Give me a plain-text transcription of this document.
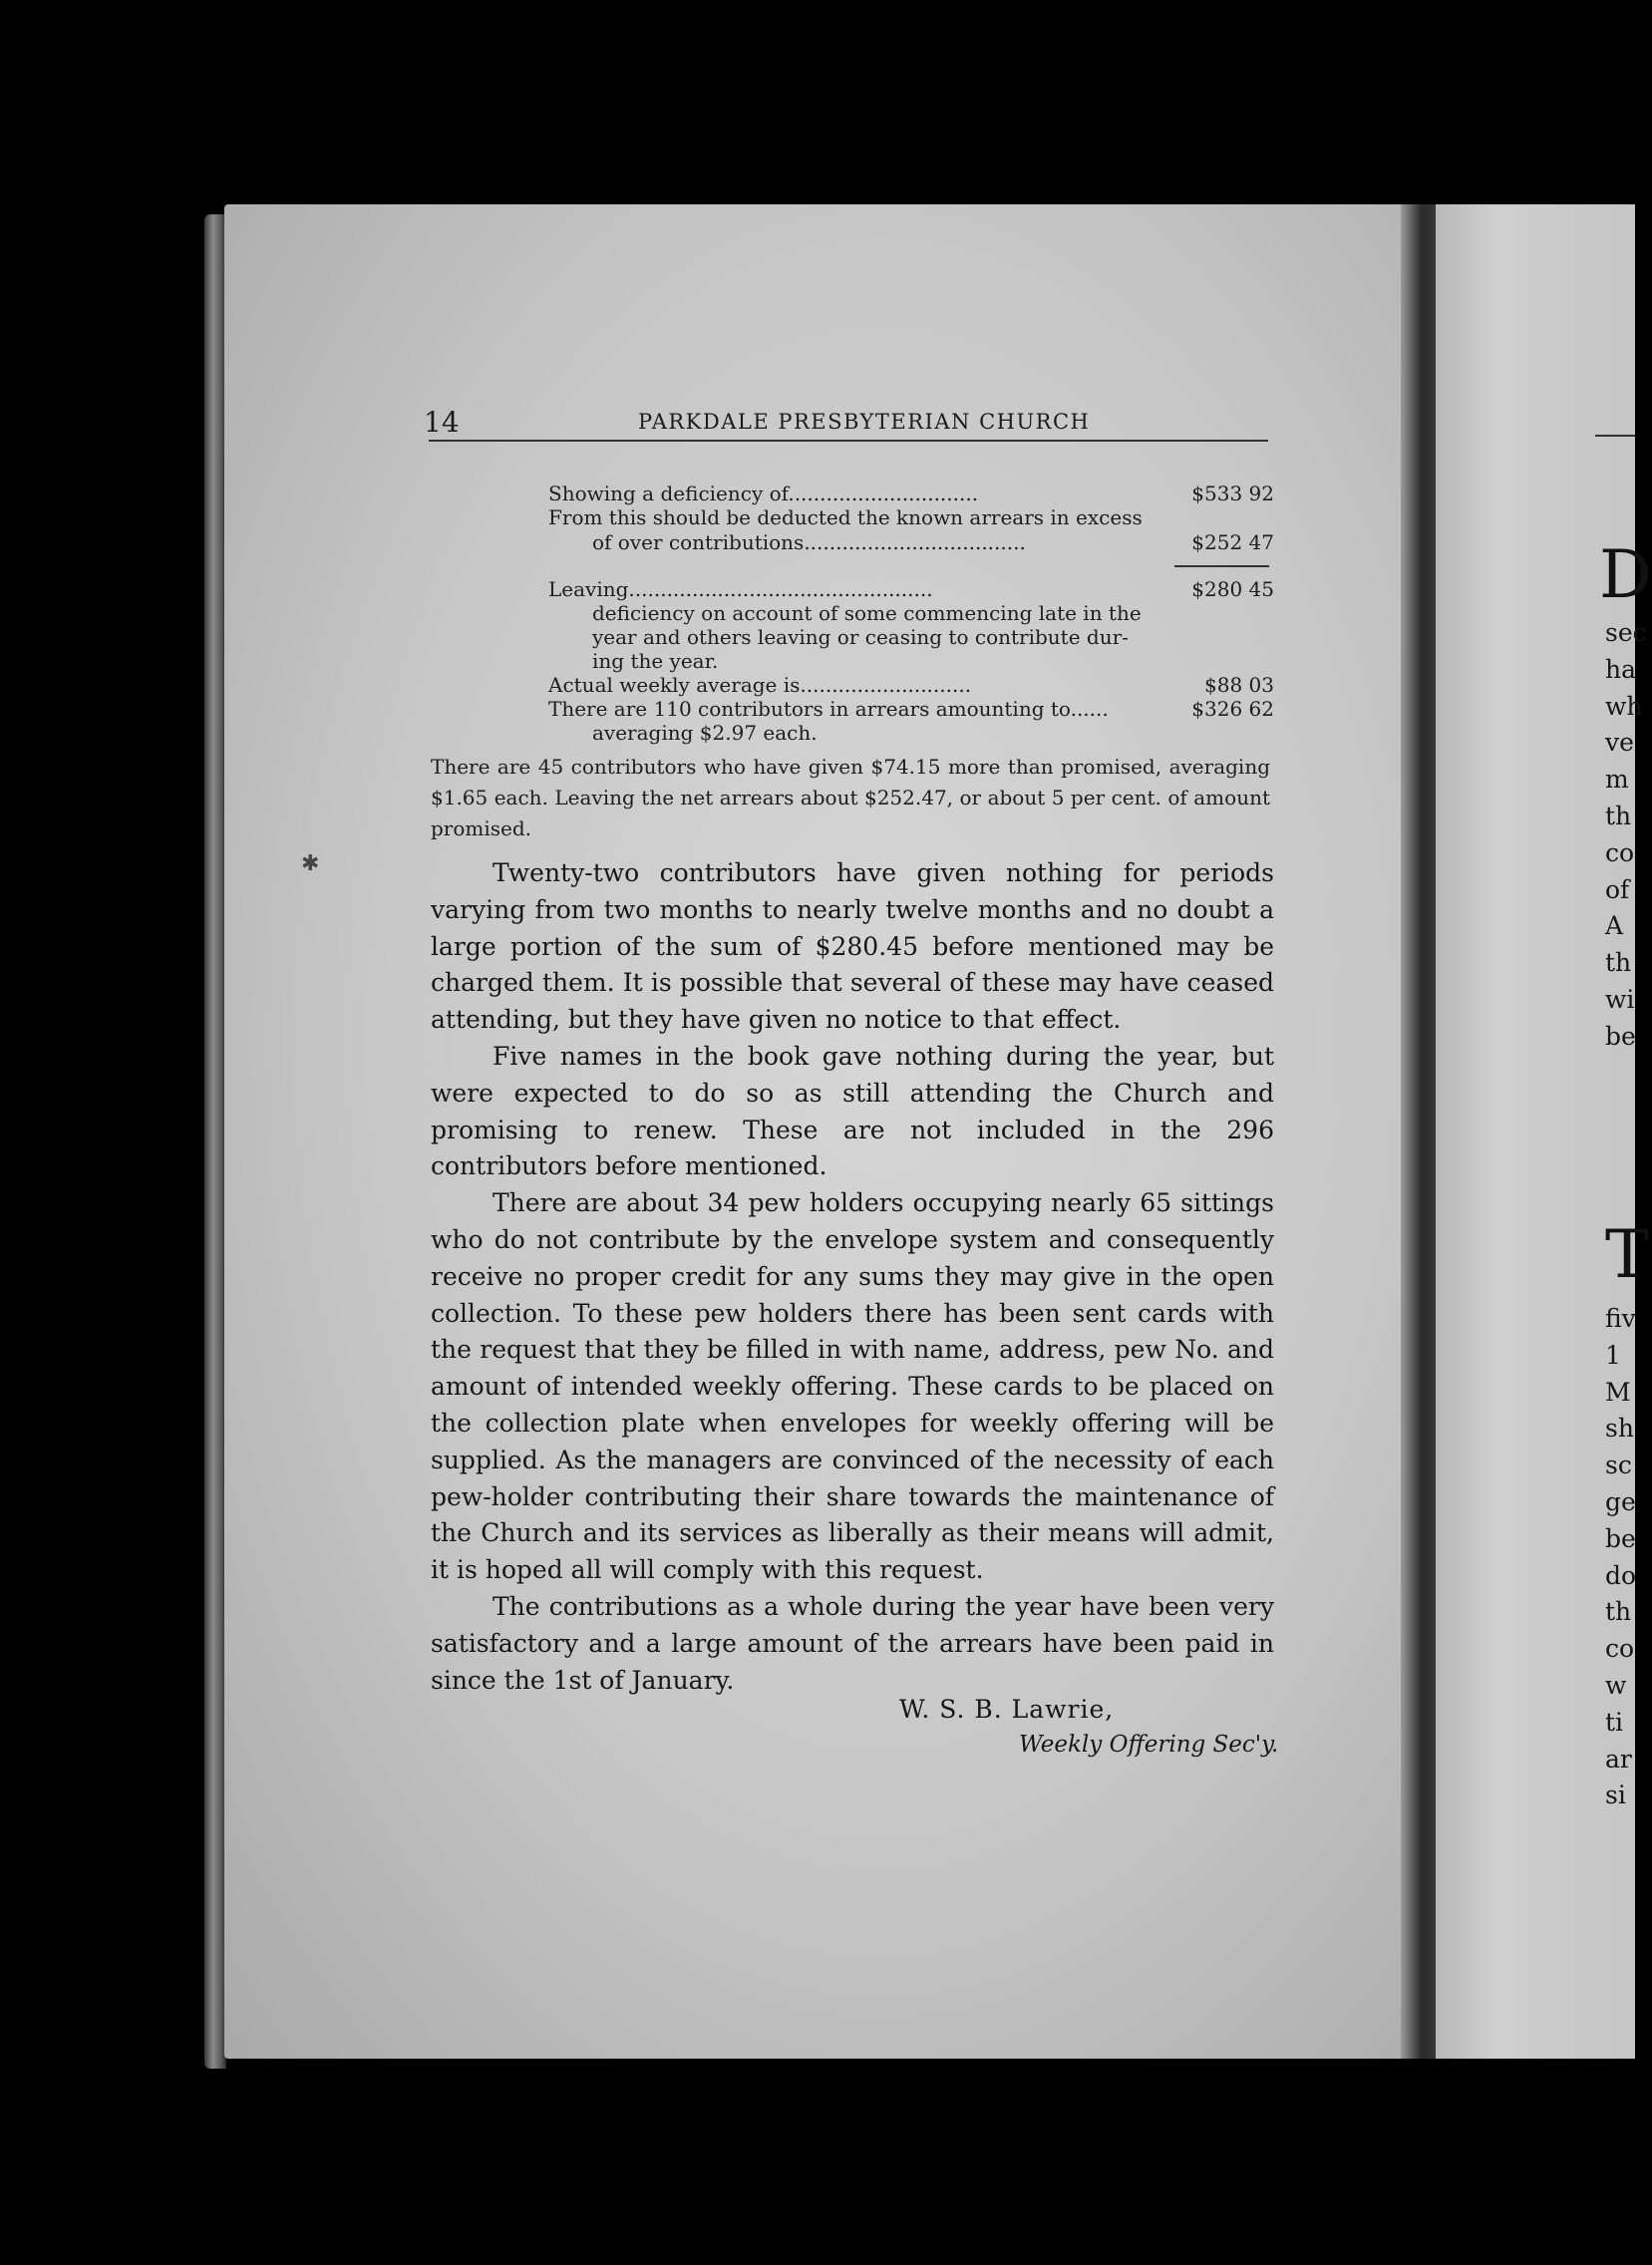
14	PARKDALE PRESBYTERIAN CHURCH
Showing a deficiency of..............................	$533 92
From this should be deducted the known arrears in excess
of over contributions...................................	$252 47
Leaving................................................	$280 45
deficiency on account of some commencing late in the
year and others leaving or ceasing to contribute dur-
ing the year.
Actual weekly average is...........................	$88 03
There are 110 contributors in arrears amounting to......	$326 62
averaging $2.97 each.
There are 45 contributors who have given $74.15 more than promised, averaging $1.65 each. Leaving the net arrears about $252.47, or about 5 per cent. of amount promised.
✱	Twenty-two contributors have given nothing for periods varying from two months to nearly twelve months and no doubt a large portion of the sum of $280.45 before mentioned may be charged them. It is possible that several of these may have ceased attending, but they have given no notice to that effect.

Five names in the book gave nothing during the year, but were expected to do so as still attending the Church and promising to renew. These are not included in the 296 contributors before mentioned.

There are about 34 pew holders occupying nearly 65 sittings who do not contribute by the envelope system and consequently receive no proper credit for any sums they may give in the open collection. To these pew holders there has been sent cards with the request that they be filled in with name, address, pew No. and amount of intended weekly offering. These cards to be placed on the collection plate when envelopes for weekly offering will be supplied. As the managers are convinced of the necessity of each pew-holder contributing their share towards the maintenance of the Church and its services as liberally as their means will admit, it is hoped all will comply with this request.

The contributions as a whole during the year have been very satisfactory and a large amount of the arrears have been paid in since the 1st of January.

W. S. B. Lawrie,
Weekly Offering Sec'y.
D
T
sec
ha
wh
ve
m
th
co
of
A
th
wi
be
fiv
1
M
sh
sc
ge
be
do
th
co
w
ti
ar
si
